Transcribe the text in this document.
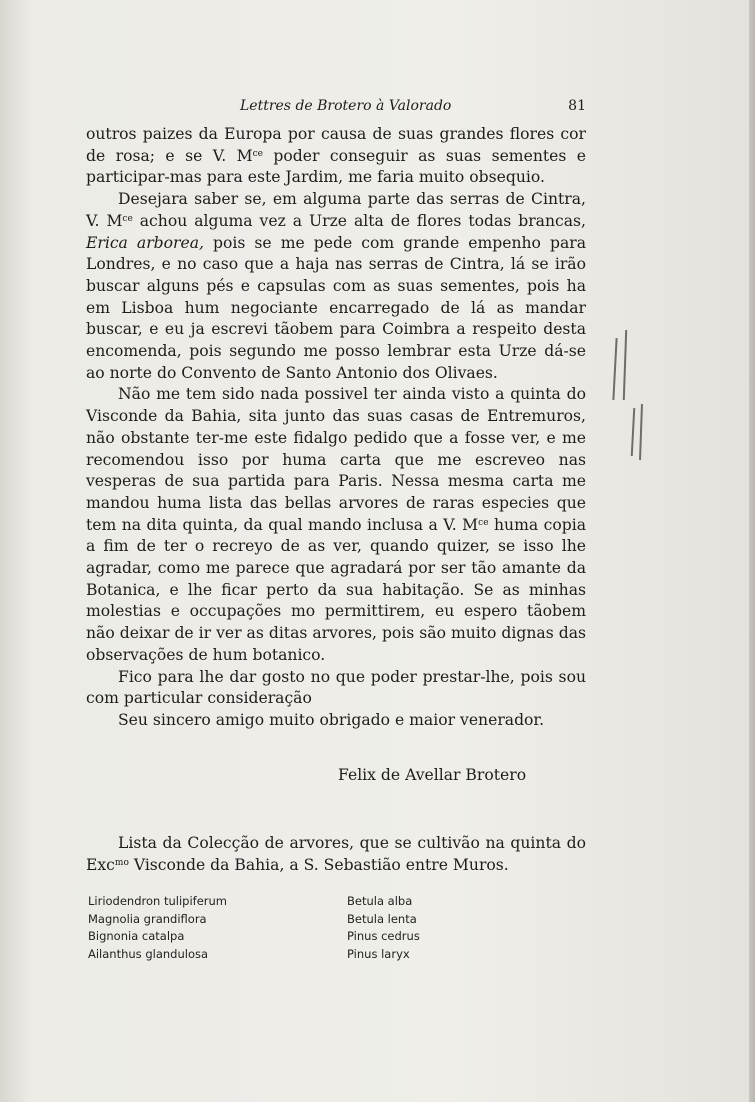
Lettres de Brotero à Valorado	81

outros paizes da Europa por causa de suas grandes flores cor de rosa; e se V. $M^{ce}$ poder conseguir as suas sementes e participar-mas para este Jardim, me faria muito obsequio.

Desejara saber se, em alguma parte das serras de Cintra, V. $M^{ce}$ achou alguma vez a Urze alta de flores todas brancas, Erica arborea, pois se me pede com grande empenho para Londres, e no caso que a haja nas serras de Cintra, lá se irão buscar alguns pés e capsulas com as suas sementes, pois ha em Lisboa hum negociante encarregado de lá as mandar buscar, e eu ja escrevi tãobem para Coimbra a respeito desta encomenda, pois segundo me posso lembrar esta Urze dá-se ao norte do Convento de Santo Antonio dos Olivaes.

Não me tem sido nada possivel ter ainda visto a quinta do Visconde da Bahia, sita junto das suas casas de Entremuros, não obstante ter-me este fidalgo pedido que a fosse ver, e me recomendou isso por huma carta que me escreveo nas vesperas de sua partida para Paris. Nessa mesma carta me mandou huma lista das bellas arvores de raras especies que tem na dita quinta, da qual mando inclusa a V. $M^{ce}$ huma copia a fim de ter o recreyo de as ver, quando quizer, se isso lhe agradar, como me parece que agradará por ser tão amante da Botanica, e lhe ficar perto da sua habitação. Se as minhas molestias e occupações mo permittirem, eu espero tãobem não deixar de ir ver as ditas arvores, pois são muito dignas das observações de hum botanico.

Fico para lhe dar gosto no que poder prestar-lhe, pois sou com particular consideração

Seu sincero amigo muito obrigado e maior venerador.

Felix de Avellar Brotero
Lista da Colecção de arvores, que se cultivão na quinta do Exc$^{mo}$ Visconde da Bahia, a S. Sebastião entre Muros.
Liriodendron tulipiferum
Magnolia grandiflora
Bignonia catalpa
Ailanthus glandulosa
Betula alba
Betula lenta
Pinus cedrus
Pinus laryx
